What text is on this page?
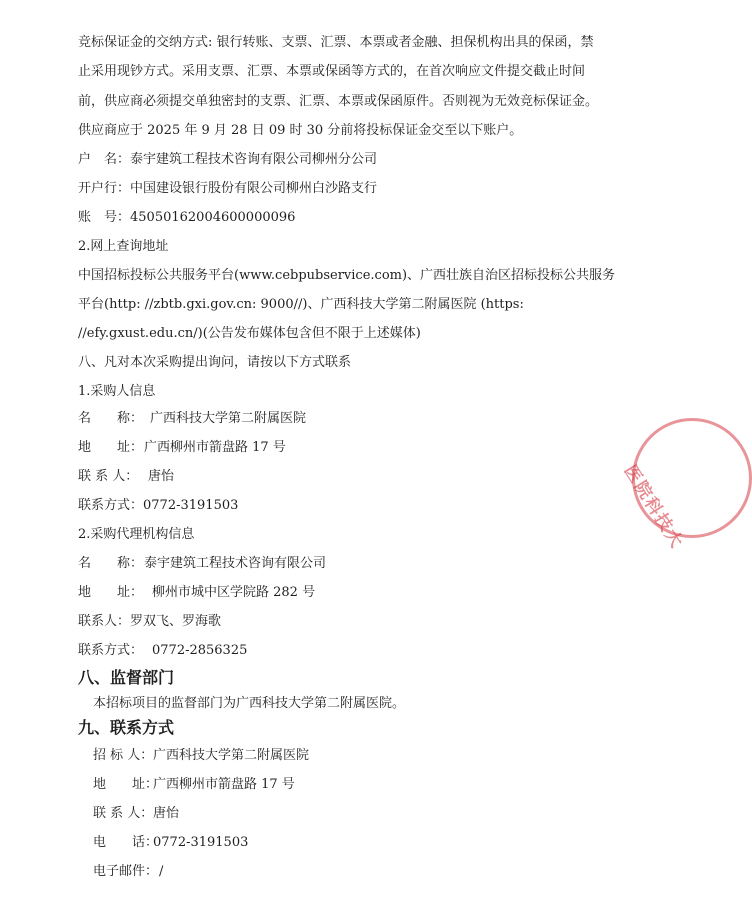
竞标保证金的交纳方式: 银行转账、支票、汇票、本票或者金融、担保机构出具的保函，禁
止采用现钞方式。采用支票、汇票、本票或保函等方式的，在首次响应文件提交截止时间
前，供应商必须提交单独密封的支票、汇票、本票或保函原件。否则视为无效竞标保证金。
供应商应于 2025 年 9 月 28 日 09 时 30 分前将投标保证金交至以下账户。
户　名：泰宇建筑工程技术咨询有限公司柳州分公司
开户行：中国建设银行股份有限公司柳州白沙路支行
账　号：45050162004600000096
2.网上查询地址
中国招标投标公共服务平台(www.cebpubservice.com)、广西壮族自治区招标投标公共服务
平台(http: //zbtb.gxi.gov.cn: 9000//)、广西科技大学第二附属医院 (https:
//efy.gxust.edu.cn/)(公告发布媒体包含但不限于上述媒体)
八、凡对本次采购提出询问，请按以下方式联系
1.采购人信息
名　　称： 广西科技大学第二附属医院
地　　址：广西柳州市箭盘路 17 号
联 系 人： 唐怡
联系方式：0772-3191503
2.采购代理机构信息
名　　称：泰宇建筑工程技术咨询有限公司
地　　址： 柳州市城中区学院路 282 号
联系人：罗双飞、罗海歌
联系方式： 0772-2856325
八、监督部门
本招标项目的监督部门为广西科技大学第二附属医院。
九、联系方式
招 标 人：广西科技大学第二附属医院
地　　址：广西柳州市箭盘路 17 号
联 系 人：唐怡
电　　话：0772-3191503
电子邮件：/
医院科技大
